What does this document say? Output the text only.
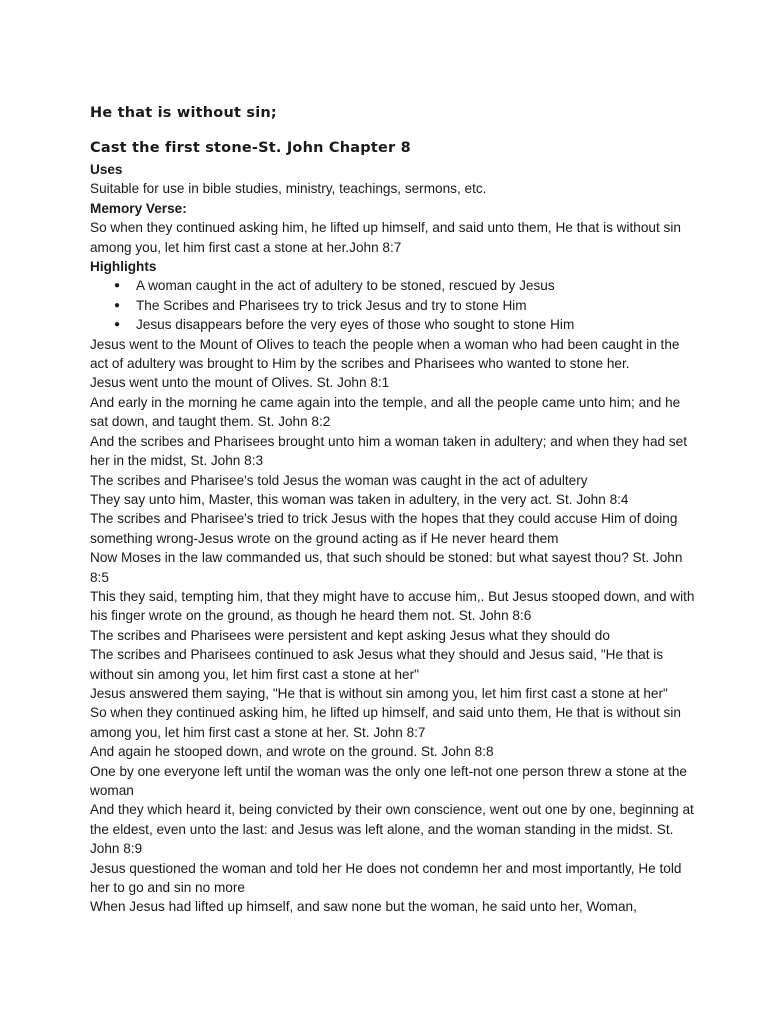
He that is without sin;
Cast the first stone-St. John Chapter 8

Uses

Suitable for use in bible studies, ministry, teachings, sermons, etc.

Memory Verse:

So when they continued asking him, he lifted up himself, and said unto them, He that is without sin among you, let him first cast a stone at her.John 8:7

Highlights

● A woman caught in the act of adultery to be stoned, rescued by Jesus
● The Scribes and Pharisees try to trick Jesus and try to stone Him
● Jesus disappears before the very eyes of those who sought to stone Him

Jesus went to the Mount of Olives to teach the people when a woman who had been caught in the act of adultery was brought to Him by the scribes and Pharisees who wanted to stone her.

Jesus went unto the mount of Olives. St. John 8:1

And early in the morning he came again into the temple, and all the people came unto him; and he sat down, and taught them. St. John 8:2

And the scribes and Pharisees brought unto him a woman taken in adultery; and when they had set her in the midst, St. John 8:3

The scribes and Pharisee's told Jesus the woman was caught in the act of adultery

They say unto him, Master, this woman was taken in adultery, in the very act. St. John 8:4

The scribes and Pharisee's tried to trick Jesus with the hopes that they could accuse Him of doing something wrong-Jesus wrote on the ground acting as if He never heard them

Now Moses in the law commanded us, that such should be stoned: but what sayest thou? St. John 8:5

This they said, tempting him, that they might have to accuse him,. But Jesus stooped down, and with his finger wrote on the ground, as though he heard them not. St. John 8:6

The scribes and Pharisees were persistent and kept asking Jesus what they should do

The scribes and Pharisees continued to ask Jesus what they should and Jesus said, "He that is without sin among you, let him first cast a stone at her"

Jesus answered them saying, "He that is without sin among you, let him first cast a stone at her"

So when they continued asking him, he lifted up himself, and said unto them, He that is without sin among you, let him first cast a stone at her. St. John 8:7

And again he stooped down, and wrote on the ground. St. John 8:8

One by one everyone left until the woman was the only one left-not one person threw a stone at the woman

And they which heard it, being convicted by their own conscience, went out one by one, beginning at the eldest, even unto the last: and Jesus was left alone, and the woman standing in the midst. St. John 8:9

Jesus questioned the woman and told her He does not condemn her and most importantly, He told her to go and sin no more

When Jesus had lifted up himself, and saw none but the woman, he said unto her, Woman,
